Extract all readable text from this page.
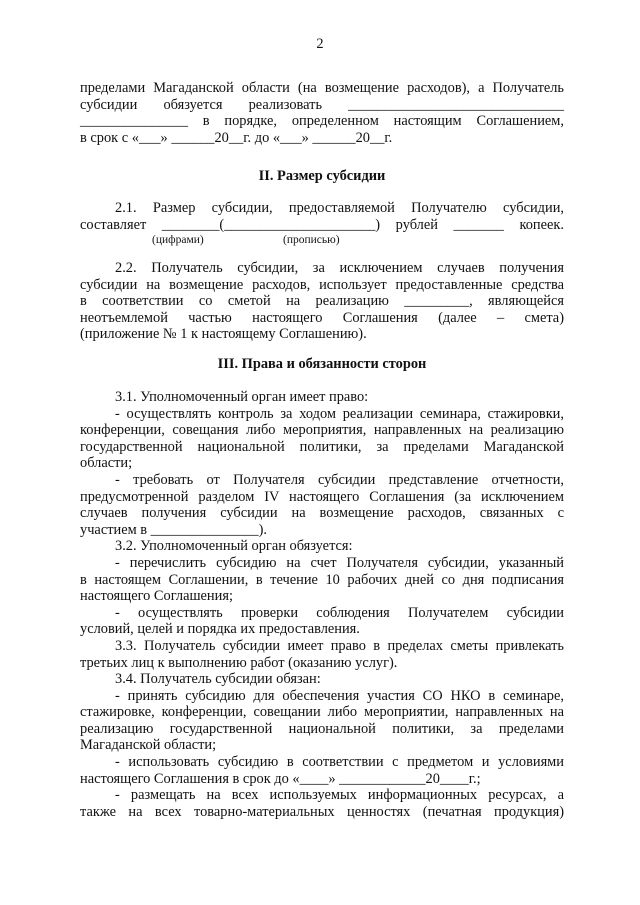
2
пределами Магаданской области (на возмещение расходов), а Получатель
субсидии обязуется реализовать ______________________________
_______________ в порядке, определенном настоящим Соглашением,
в срок с «___» ______20__г. до «___» ______20__г.
II. Размер субсидии
2.1. Размер субсидии, предоставляемой Получателю субсидии,
составляет ________(_____________________) рублей _______ копеек.
(цифрами)	(прописью)
2.2. Получатель субсидии, за исключением случаев получения
субсидии на возмещение расходов, использует предоставленные средства
в соответствии со сметой на реализацию _________, являющейся
неотъемлемой частью настоящего Соглашения (далее – смета)
(приложение № 1 к настоящему Соглашению).
III. Права и обязанности сторон
3.1. Уполномоченный орган имеет право:
- осуществлять контроль за ходом реализации семинара, стажировки,
конференции, совещания либо мероприятия, направленных на реализацию
государственной национальной политики, за пределами Магаданской
области;
- требовать от Получателя субсидии представление отчетности,
предусмотренной разделом IV настоящего Соглашения (за исключением
случаев получения субсидии на возмещение расходов, связанных с
участием в _______________).
3.2. Уполномоченный орган обязуется:
- перечислить субсидию на счет Получателя субсидии, указанный
в настоящем Соглашении, в течение 10 рабочих дней со дня подписания
настоящего Соглашения;
- осуществлять проверки соблюдения Получателем субсидии
условий, целей и порядка их предоставления.
3.3. Получатель субсидии имеет право в пределах сметы привлекать
третьих лиц к выполнению работ (оказанию услуг).
3.4. Получатель субсидии обязан:
- принять субсидию для обеспечения участия СО НКО в семинаре,
стажировке, конференции, совещании либо мероприятии, направленных на
реализацию государственной национальной политики, за пределами
Магаданской области;
- использовать субсидию в соответствии с предметом и условиями
настоящего Соглашения в срок до «____» ____________20____г.;
- размещать на всех используемых информационных ресурсах, а
также на всех товарно-материальных ценностях (печатная продукция)
